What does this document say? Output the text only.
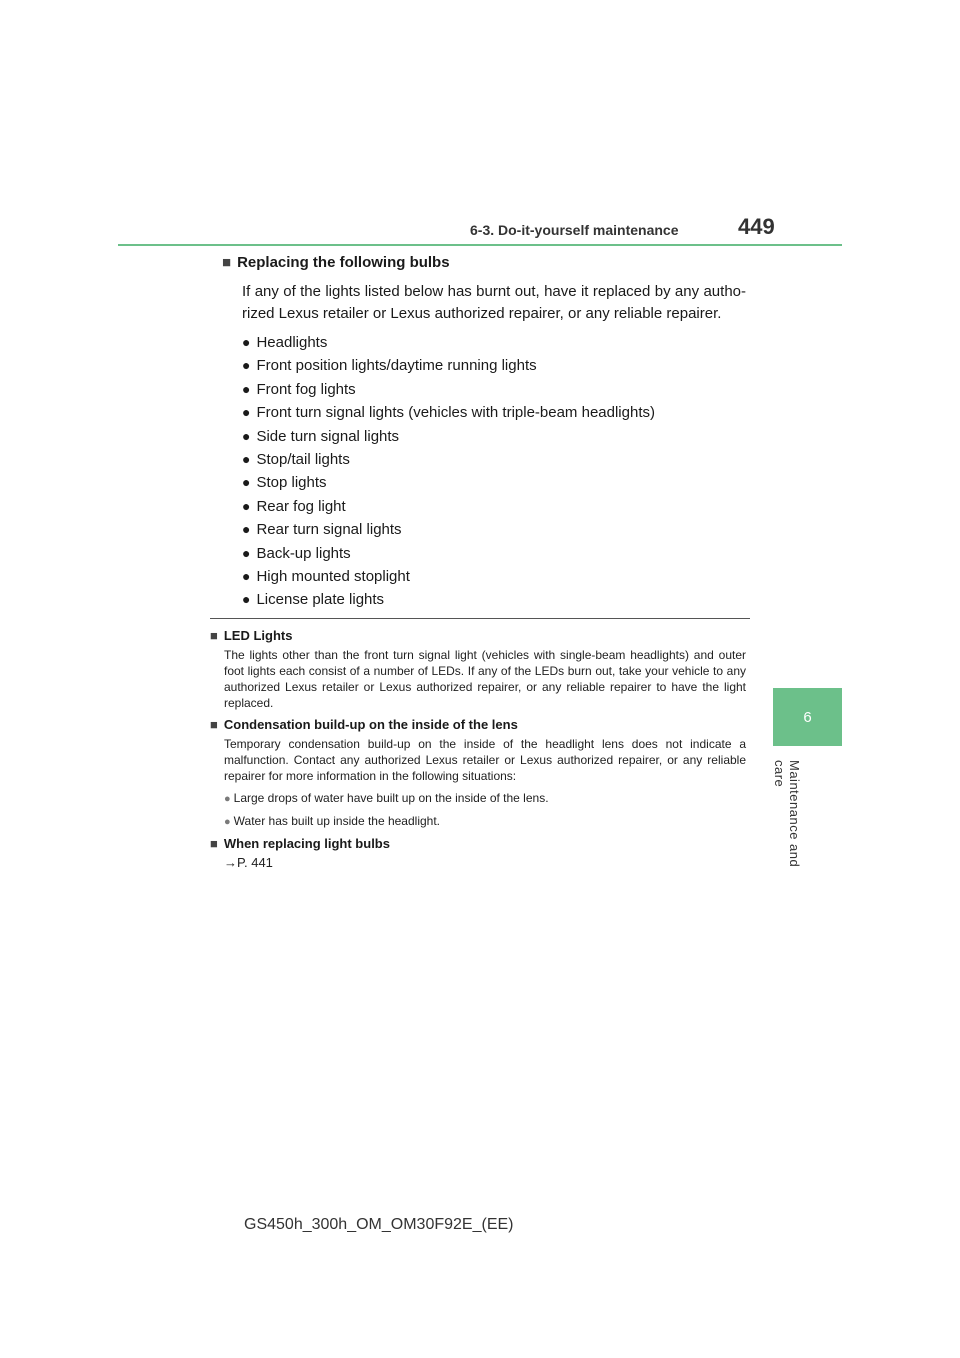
6-3. Do-it-yourself maintenance	449
6
Maintenance and care
■ Replacing the following bulbs

If any of the lights listed below has burnt out, have it replaced by any autho-rized Lexus retailer or Lexus authorized repairer, or any reliable repairer.

● Headlights
● Front position lights/daytime running lights
● Front fog lights
● Front turn signal lights (vehicles with triple-beam headlights)
● Side turn signal lights
● Stop/tail lights
● Stop lights
● Rear fog light
● Rear turn signal lights
● Back-up lights
● High mounted stoplight
● License plate lights
■ LED Lights

The lights other than the front turn signal light (vehicles with single-beam headlights) and outer foot lights each consist of a number of LEDs. If any of the LEDs burn out, take your vehicle to any authorized Lexus retailer or Lexus authorized repairer, or any reliable repairer to have the light replaced.

■ Condensation build-up on the inside of the lens

Temporary condensation build-up on the inside of the headlight lens does not indicate a malfunction. Contact any authorized Lexus retailer or Lexus authorized repairer, or any reliable repairer for more information in the following situations:

● Large drops of water have built up on the inside of the lens.
● Water has built up inside the headlight.
■ When replacing light bulbs
→P. 441
GS450h_300h_OM_OM30F92E_(EE)
